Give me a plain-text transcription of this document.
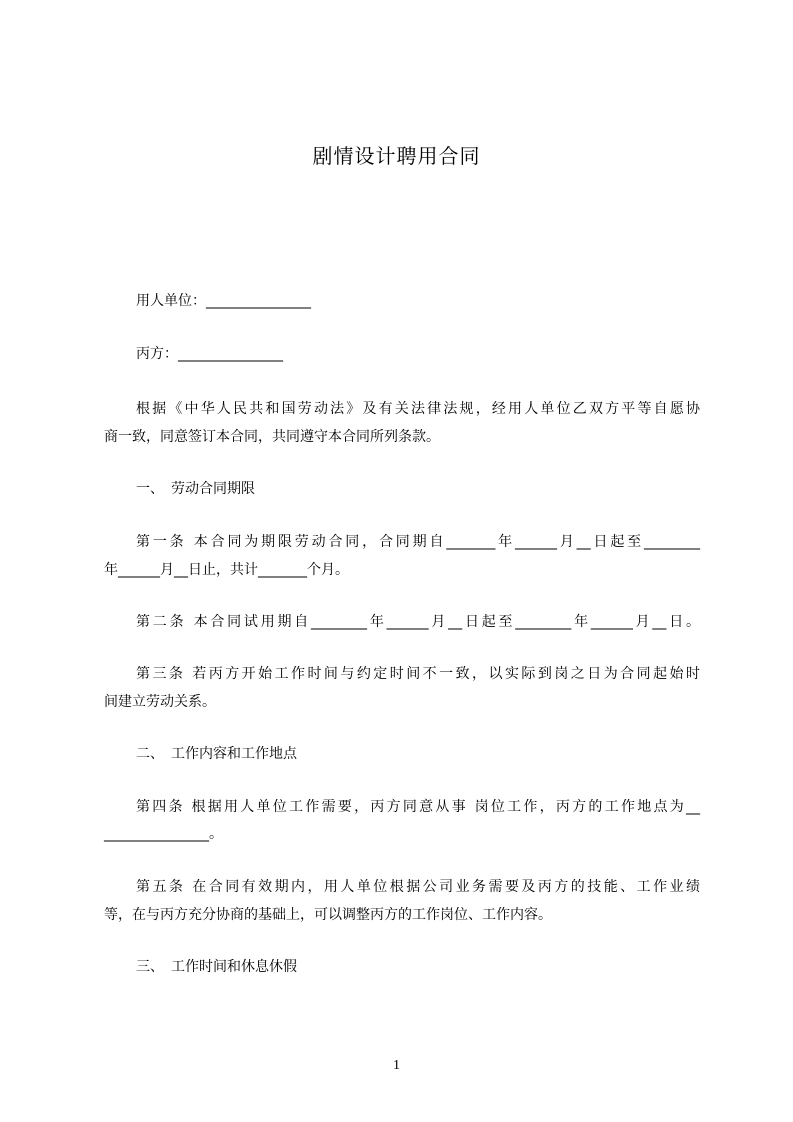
剧情设计聘用合同
用人单位：_______________
丙方：_______________
根据《中华人民共和国劳动法》及有关法律法规，经用人单位乙双方平等自愿协
商一致，同意签订本合同，共同遵守本合同所列条款。
一、　劳动合同期限
第一条 本合同为期限劳动合同，合同期自_______年______月__日起至________
年______月__日止，共计_______个月。
第二条 本合同试用期自________年______月__日起至________年______月__日。
第三条 若丙方开始工作时间与约定时间不一致，以实际到岗之日为合同起始时
间建立劳动关系。
二、　工作内容和工作地点
第四条 根据用人单位工作需要，丙方同意从事 岗位工作，丙方的工作地点为__
_______________。
第五条 在合同有效期内，用人单位根据公司业务需要及丙方的技能、工作业绩
等，在与丙方充分协商的基础上，可以调整丙方的工作岗位、工作内容。
三、　工作时间和休息休假
1
